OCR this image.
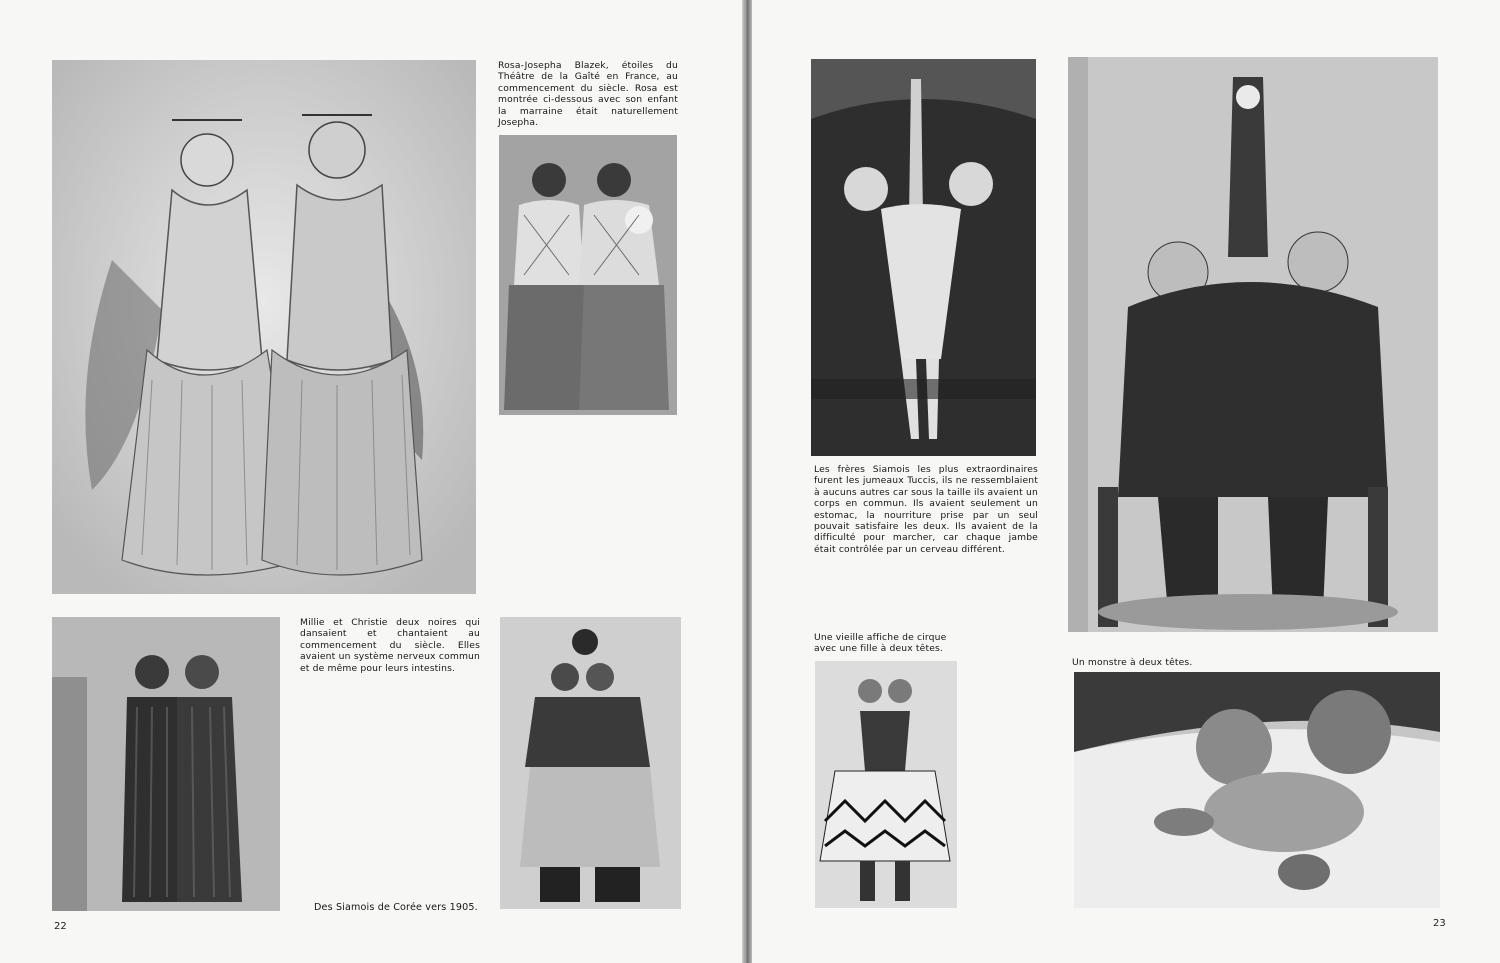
Rosa-Josepha Blazek, étoiles du Théâtre de la Gaîté en France, au commencement du siècle. Rosa est montrée ci-dessous avec son enfant la marraine était naturellement Josepha.
Millie et Christie deux noires qui dansaient et chantaient au commencement du siècle. Elles avaient un système nerveux commun et de même pour leurs intestins.
Des Siamois de Corée vers 1905.
22
Les frères Siamois les plus extraordinaires furent les jumeaux Tuccis, ils ne ressemblaient à aucuns autres car sous la taille ils avaient un corps en commun. Ils avaient seulement un estomac, la nourriture prise par un seul pouvait satisfaire les deux. Ils avaient de la difficulté pour marcher, car chaque jambe était contrôlée par un cerveau différent.
Une vieille affiche de cirque avec une fille à deux têtes.
Un monstre à deux têtes.
23
